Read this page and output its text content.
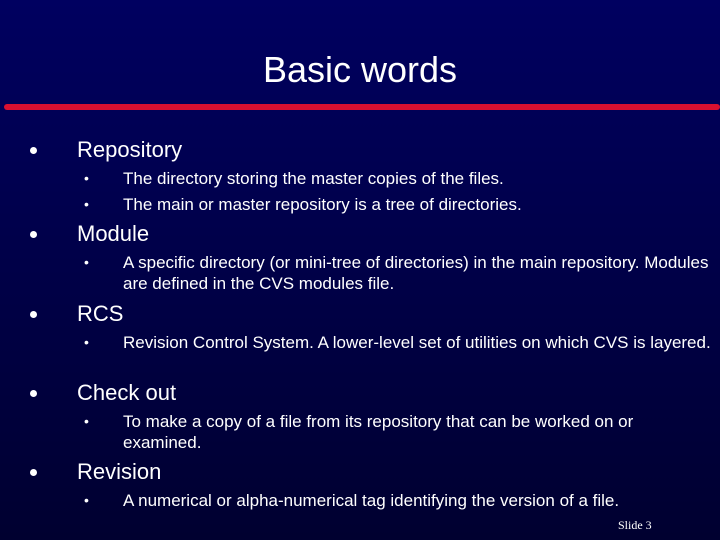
Basic words
Repository
• The directory storing the master copies of the files.
• The main or master repository is a tree of directories.
Module
• A specific directory (or mini-tree of directories) in the main repository. Modules are defined in the CVS modules file.
RCS
• Revision Control System. A lower-level set of utilities on which CVS is layered.
Check out
• To make a copy of a file from its repository that can be worked on or examined.
Revision
• A numerical or alpha-numerical tag identifying the version of a file.
Slide 3
